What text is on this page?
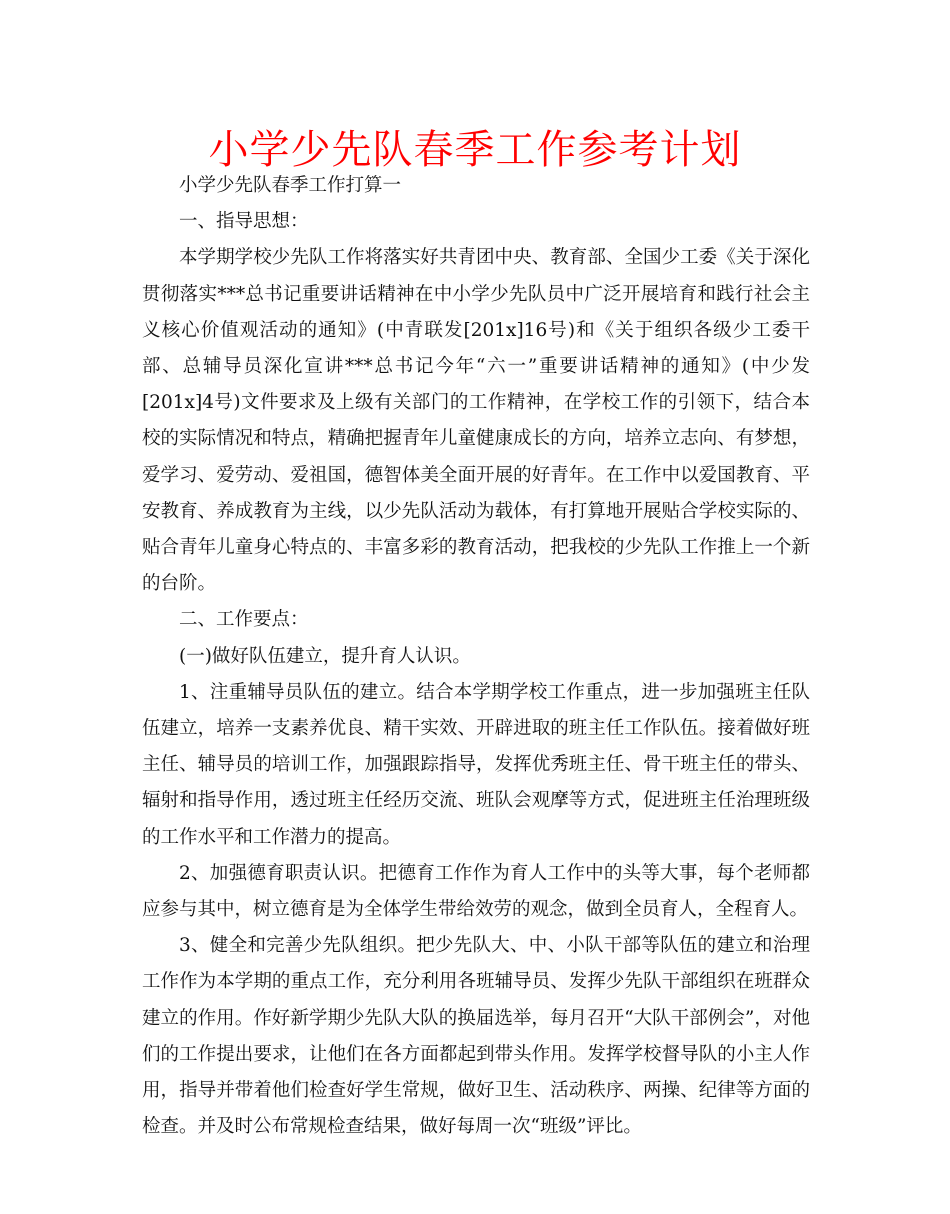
小学少先队春季工作参考计划

小学少先队春季工作打算一

一、指导思想：

本学期学校少先队工作将落实好共青团中央、教育部、全国少工委《关于深化贯彻落实***总书记重要讲话精神在中小学少先队员中广泛开展培育和践行社会主义核心价值观活动的通知》(中青联发[201x]16号)和《关于组织各级少工委干部、总辅导员深化宣讲***总书记今年“六一”重要讲话精神的通知》(中少发[201x]4号)文件要求及上级有关部门的工作精神，在学校工作的引领下，结合本校的实际情况和特点，精确把握青年儿童健康成长的方向，培养立志向、有梦想，爱学习、爱劳动、爱祖国，德智体美全面开展的好青年。在工作中以爱国教育、平安教育、养成教育为主线，以少先队活动为载体，有打算地开展贴合学校实际的、贴合青年儿童身心特点的、丰富多彩的教育活动，把我校的少先队工作推上一个新的台阶。

二、工作要点：

(一)做好队伍建立，提升育人认识。

1、注重辅导员队伍的建立。结合本学期学校工作重点，进一步加强班主任队伍建立，培养一支素养优良、精干实效、开辟进取的班主任工作队伍。接着做好班主任、辅导员的培训工作，加强跟踪指导，发挥优秀班主任、骨干班主任的带头、辐射和指导作用，透过班主任经历交流、班队会观摩等方式，促进班主任治理班级的工作水平和工作潜力的提高。

2、加强德育职责认识。把德育工作作为育人工作中的头等大事，每个老师都应参与其中，树立德育是为全体学生带给效劳的观念，做到全员育人，全程育人。

3、健全和完善少先队组织。把少先队大、中、小队干部等队伍的建立和治理工作作为本学期的重点工作，充分利用各班辅导员、发挥少先队干部组织在班群众建立的作用。作好新学期少先队大队的换届选举，每月召开“大队干部例会”，对他们的工作提出要求，让他们在各方面都起到带头作用。发挥学校督导队的小主人作用，指导并带着他们检查好学生常规，做好卫生、活动秩序、两操、纪律等方面的检查。并及时公布常规检查结果，做好每周一次“班级”评比。
